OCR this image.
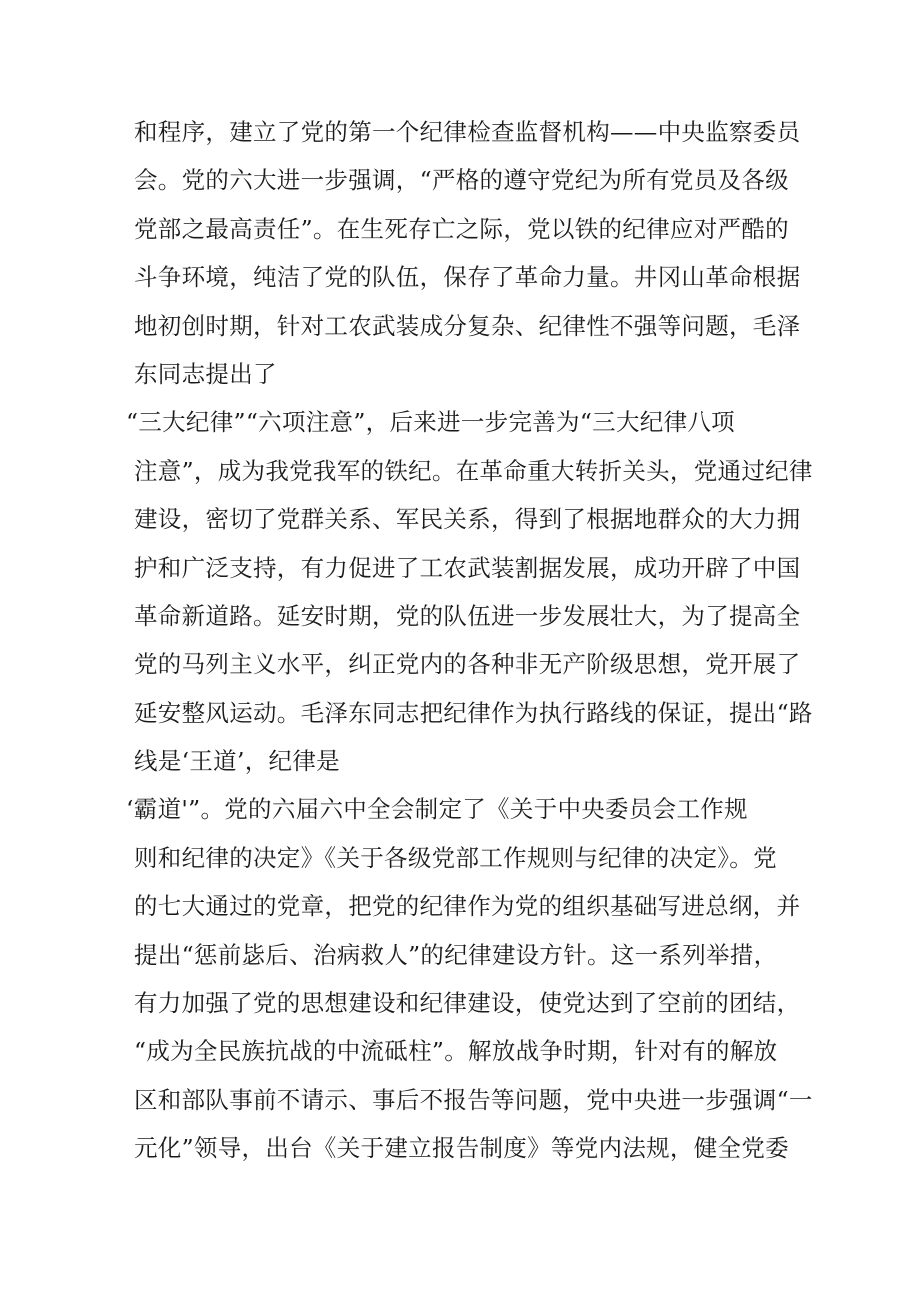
和程序，建立了党的第一个纪律检查监督机构——中央监察委员
会。党的六大进一步强调，“严格的遵守党纪为所有党员及各级
党部之最高责任”。在生死存亡之际，党以铁的纪律应对严酷的
斗争环境，纯洁了党的队伍，保存了革命力量。井冈山革命根据
地初创时期，针对工农武装成分复杂、纪律性不强等问题，毛泽
东同志提出了
“三大纪律”“六项注意”，后来进一步完善为“三大纪律八项
注意”，成为我党我军的铁纪。在革命重大转折关头，党通过纪律
建设，密切了党群关系、军民关系，得到了根据地群众的大力拥
护和广泛支持，有力促进了工农武装割据发展，成功开辟了中国
革命新道路。延安时期，党的队伍进一步发展壮大，为了提高全
党的马列主义水平，纠正党内的各种非无产阶级思想，党开展了
延安整风运动。毛泽东同志把纪律作为执行路线的保证，提出“路
线是‘王道’，纪律是
‘霸道'”。党的六届六中全会制定了《关于中央委员会工作规
则和纪律的决定》《关于各级党部工作规则与纪律的决定》。党
的七大通过的党章，把党的纪律作为党的组织基础写进总纲，并
提出“惩前毖后、治病救人”的纪律建设方针。这一系列举措，
有力加强了党的思想建设和纪律建设，使党达到了空前的团结，
“成为全民族抗战的中流砥柱”。解放战争时期，针对有的解放
区和部队事前不请示、事后不报告等问题，党中央进一步强调“一
元化”领导，出台《关于建立报告制度》等党内法规，健全党委
